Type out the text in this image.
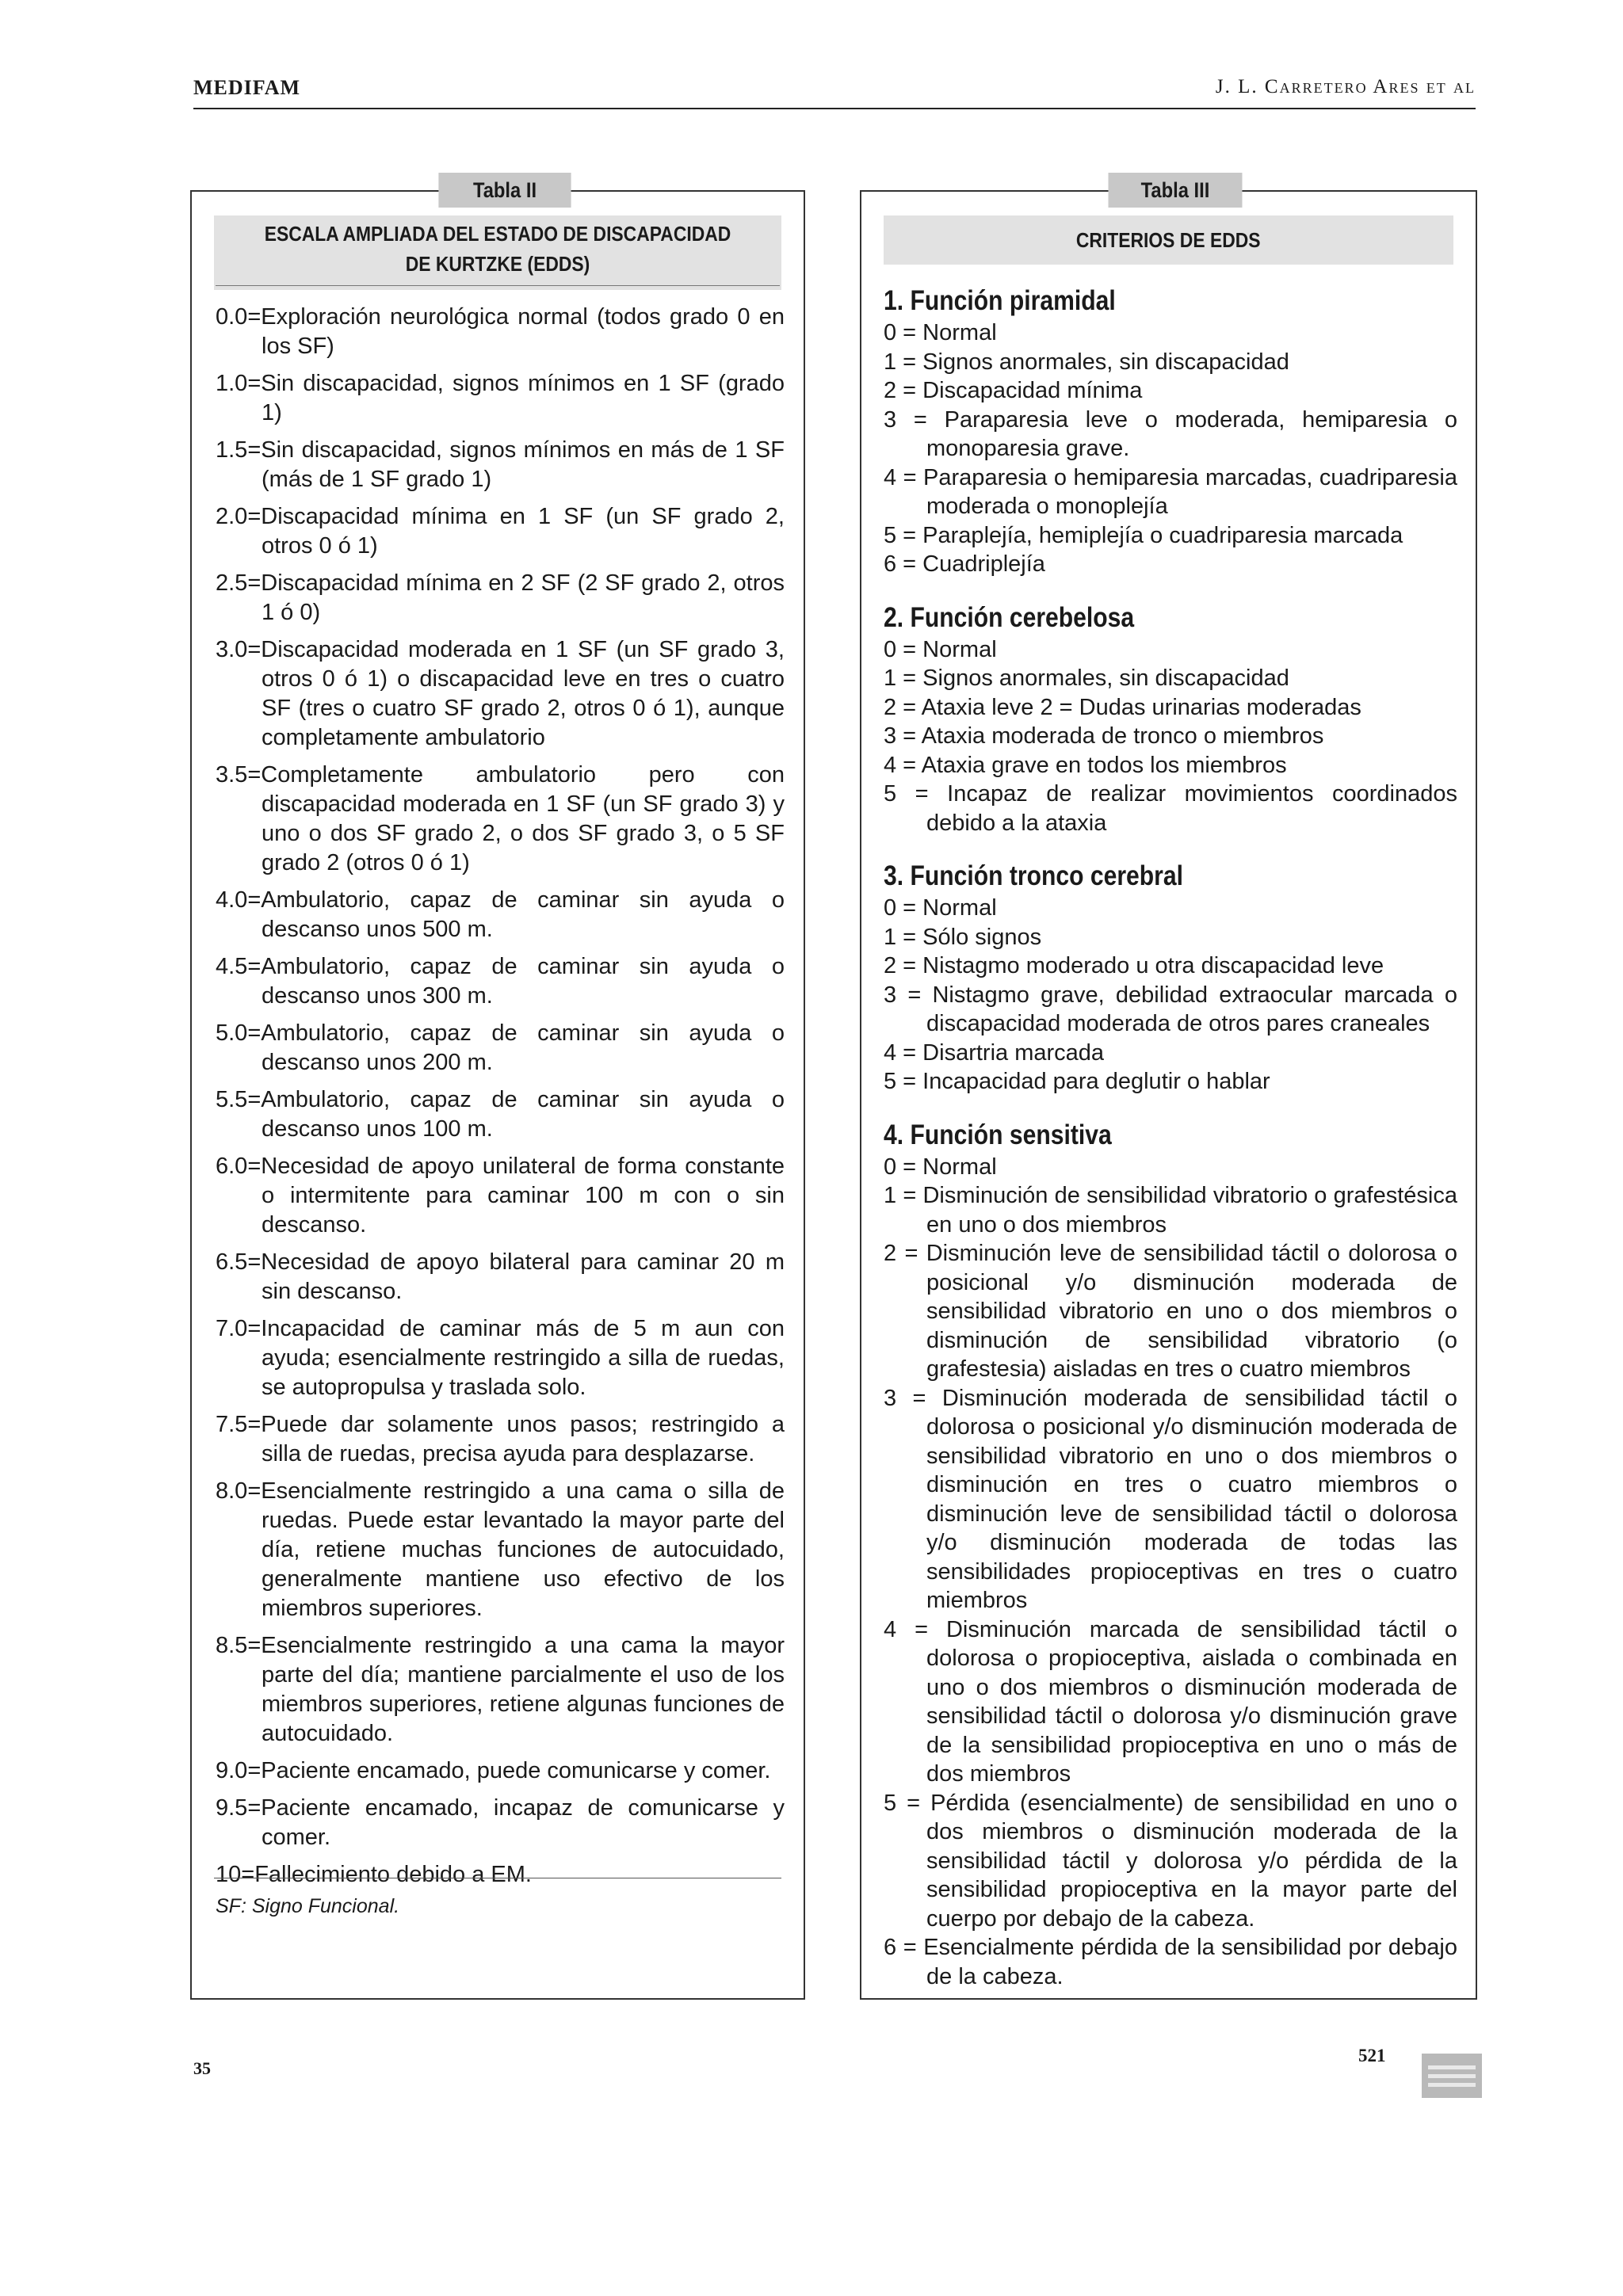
MEDIFAM	J. L. Carretero Ares et al
Tabla II
ESCALA AMPLIADA DEL ESTADO DE DISCAPACIDAD
DE KURTZKE (EDDS)
0.0=Exploración neurológica normal (todos grado 0 en los SF)
1.0=Sin discapacidad, signos mínimos en 1 SF (grado 1)
1.5=Sin discapacidad, signos mínimos en más de 1 SF (más de 1 SF grado 1)
2.0=Discapacidad mínima en 1 SF (un SF grado 2, otros 0 ó 1)
2.5=Discapacidad mínima en 2 SF (2 SF grado 2, otros 1 ó 0)
3.0=Discapacidad moderada en 1 SF (un SF grado 3, otros 0 ó 1) o discapacidad leve en tres o cuatro SF (tres o cuatro SF grado 2, otros 0 ó 1), aunque completamente ambulatorio
3.5=Completamente ambulatorio pero con discapacidad moderada en 1 SF (un SF grado 3) y uno o dos SF grado 2, o dos SF grado 3, o 5 SF grado 2 (otros 0 ó 1)
4.0=Ambulatorio, capaz de caminar sin ayuda o descanso unos 500 m.
4.5=Ambulatorio, capaz de caminar sin ayuda o descanso unos 300 m.
5.0=Ambulatorio, capaz de caminar sin ayuda o descanso unos 200 m.
5.5=Ambulatorio, capaz de caminar sin ayuda o descanso unos 100 m.
6.0=Necesidad de apoyo unilateral de forma constante o intermitente para caminar 100 m con o sin descanso.
6.5=Necesidad de apoyo bilateral para caminar 20 m sin descanso.
7.0=Incapacidad de caminar más de 5 m aun con ayuda; esencialmente restringido a silla de ruedas, se autopropulsa y traslada solo.
7.5=Puede dar solamente unos pasos; restringido a silla de ruedas, precisa ayuda para desplazarse.
8.0=Esencialmente restringido a una cama o silla de ruedas. Puede estar levantado la mayor parte del día, retiene muchas funciones de autocuidado, generalmente mantiene uso efectivo de los miembros superiores.
8.5=Esencialmente restringido a una cama la mayor parte del día; mantiene parcialmente el uso de los miembros superiores, retiene algunas funciones de autocuidado.
9.0=Paciente encamado, puede comunicarse y comer.
9.5=Paciente encamado, incapaz de comunicarse y comer.
10=Fallecimiento debido a EM.
SF: Signo Funcional.
Tabla III
CRITERIOS DE EDDS
1. Función piramidal
0 = Normal
1 = Signos anormales, sin discapacidad
2 = Discapacidad mínima
3 = Paraparesia leve o moderada, hemiparesia o monoparesia grave.
4 = Paraparesia o hemiparesia marcadas, cuadriparesia moderada o monoplejía
5 = Paraplejía, hemiplejía o cuadriparesia marcada
6 = Cuadriplejía
2. Función cerebelosa
0 = Normal
1 = Signos anormales, sin discapacidad
2 = Ataxia leve 2 = Dudas urinarias moderadas
3 = Ataxia moderada de tronco o miembros
4 = Ataxia grave en todos los miembros
5 = Incapaz de realizar movimientos coordinados debido a la ataxia
3. Función tronco cerebral
0 = Normal
1 = Sólo signos
2 = Nistagmo moderado u otra discapacidad leve
3 = Nistagmo grave, debilidad extraocular marcada o discapacidad moderada de otros pares craneales
4 = Disartria marcada
5 = Incapacidad para deglutir o hablar
4. Función sensitiva
0 = Normal
1 = Disminución de sensibilidad vibratorio o grafestésica en uno o dos miembros
2 = Disminución leve de sensibilidad táctil o dolorosa o posicional y/o disminución moderada de sensibilidad vibratorio en uno o dos miembros o disminución de sensibilidad vibratorio (o grafestesia) aisladas en tres o cuatro miembros
3 = Disminución moderada de sensibilidad táctil o dolorosa o posicional y/o disminución moderada de sensibilidad vibratorio en uno o dos miembros o disminución en tres o cuatro miembros o disminución leve de sensibilidad táctil o dolorosa y/o disminución moderada de todas las sensibilidades propioceptivas en tres o cuatro miembros
4 = Disminución marcada de sensibilidad táctil o dolorosa o propioceptiva, aislada o combinada en uno o dos miembros o disminución moderada de sensibilidad táctil o dolorosa y/o disminución grave de la sensibilidad propioceptiva en uno o más de dos miembros
5 = Pérdida (esencialmente) de sensibilidad en uno o dos miembros o disminución moderada de la sensibilidad táctil y dolorosa y/o pérdida de la sensibilidad propioceptiva en la mayor parte del cuerpo por debajo de la cabeza.
6 = Esencialmente pérdida de la sensibilidad por debajo de la cabeza.
35
521
